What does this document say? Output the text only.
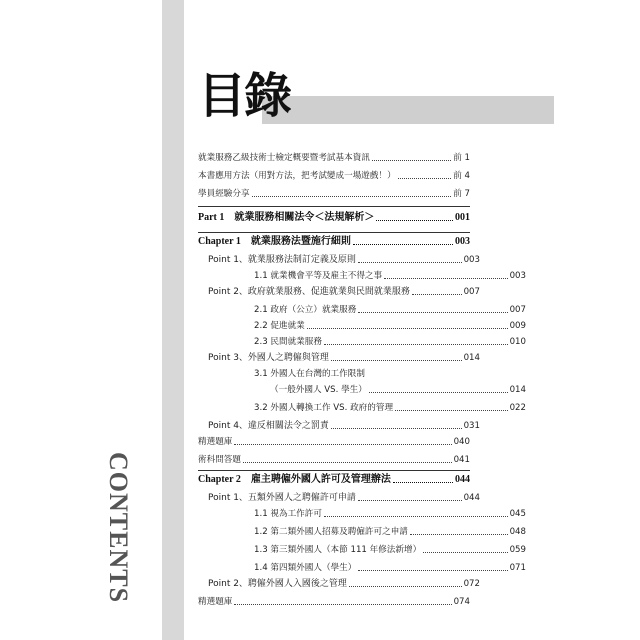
CONTENTS
目錄
就業服務乙級技術士檢定概要暨考試基本資訊	前 1
本書應用方法（用對方法，把考試變成一場遊戲！）	前 4
學員經驗分享	前 7
Part 1　就業服務相關法令＜法規解析＞	001
Chapter 1　就業服務法暨施行細則	003
Point 1、就業服務法制訂定義及原則	003
1.1 就業機會平等及雇主不得之事	003
Point 2、政府就業服務、促進就業與民間就業服務	007
2.1 政府（公立）就業服務	007
2.2 促進就業	009
2.3 民間就業服務	010
Point 3、外國人之聘僱與管理	014
3.1 外國人在台灣的工作限制
（一般外國人 VS. 學生）	014
3.2 外國人轉換工作 VS. 政府的管理	022
Point 4、違反相關法令之罰責	031
精選題庫	040
術科問答題	041
Chapter 2　雇主聘僱外國人許可及管理辦法	044
Point 1、五類外國人之聘僱許可申請	044
1.1 視為工作許可	045
1.2 第二類外國人招募及聘僱許可之申請	048
1.3 第三類外國人（本節 111 年修法新增）	059
1.4 第四類外國人（學生）	071
Point 2、聘僱外國人入國後之管理	072
精選題庫	074
